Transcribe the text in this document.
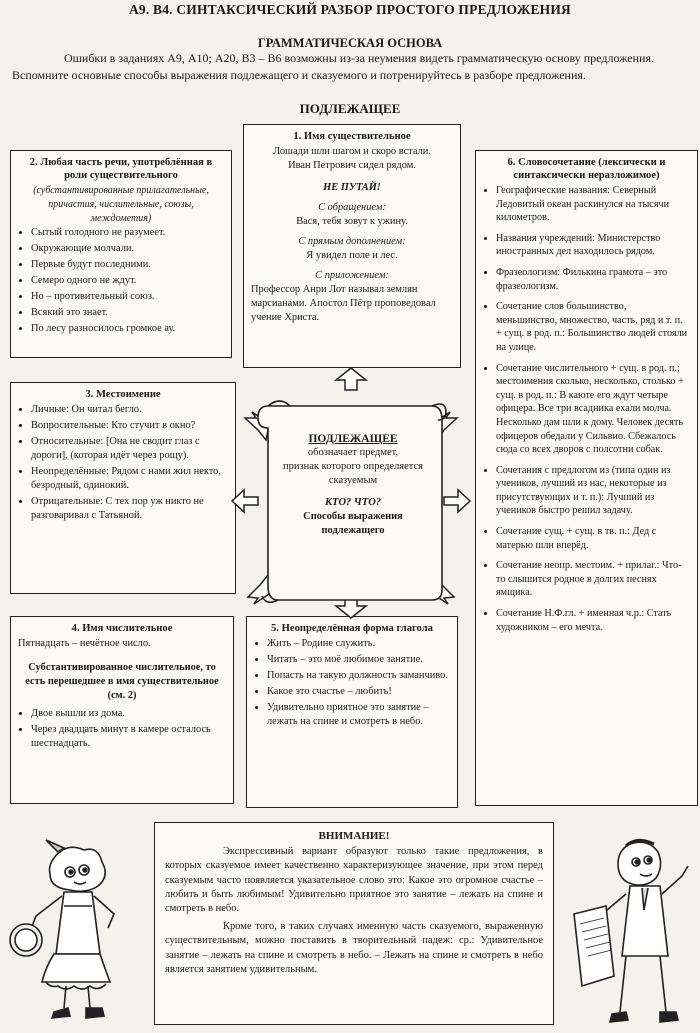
А9. В4. СИНТАКСИЧЕСКИЙ РАЗБОР ПРОСТОГО ПРЕДЛОЖЕНИЯ
ГРАММАТИЧЕСКАЯ ОСНОВА

Ошибки в заданиях А9, А10; А20, В3 – В6 возможны из-за неумения видеть грамматическую основу предложения. Вспомните основные способы выражения подлежащего и сказуемого и потренируйтесь в разборе предложения.

ПОДЛЕЖАЩЕЕ
1. Имя существительное
Лошади шли шагом и скоро встали.
Иван Петрович сидел рядом.
НЕ ПУТАЙ!
С обращением:
Вася, тебя зовут к ужину.
С прямым дополнением:
Я увидел поле и лес.
С приложением:
Профессор Анри Лот называл землян марсианами. Апостол Пётр проповедовал учение Христа.
2. Любая часть речи, употреблённая в роли существительного
(субстантивированные прилагательные, причастия, числительные, союзы, междометия)
• Сытый голодного не разумеет.
• Окружающие молчали.
• Первые будут последними.
• Семеро одного не ждут.
• Но – противительный союз.
• Всякий это знает.
• По лесу разносилось громкое ау.
3. Местоимение
• Личные: Он читал бегло.
• Вопросительные: Кто стучит в окно?
• Относительные: [Она не сводит глаз с дороги], (которая идёт через рощу).
• Неопределённые: Рядом с нами жил некто, безродный, одинокий.
• Отрицательные: С тех пор уж никто не разговаривал с Татьяной.
4. Имя числительное
Пятнадцать – нечётное число.
Субстантивированное числительное, то есть перешедшее в имя существительное (см. 2)
• Двое вышли из дома.
• Через двадцать минут в камере осталось шестнадцать.
5. Неопределённая форма глагола
• Жить – Родине служить.
• Читать – это моё любимое занятие.
• Попасть на такую должность заманчиво.
• Какое это счастье – любить!
• Удивительно приятное это занятие – лежать на спине и смотреть в небо.
6. Словосочетание (лексически и синтаксически неразложимое)
• Географические названия: Северный Ледовитый океан раскинулся на тысячи километров.
• Названия учреждений: Министерство иностранных дел находилось рядом.
• Фразеологизм: Филькина грамота – это фразеологизм.
• Сочетание слов большинство, меньшинство, множество, часть, ряд и т. п. + сущ. в род. п.: Большинство людей стояли на улице.
• Сочетание числительного + сущ. в род. п.; местоимения сколько, несколько, столько + сущ. в род. п.: В каюте его ждут четыре офицера. Все три всадника ехали молча. Несколько дам шли к дому. Человек десять офицеров обедали у Сильвио. Сбежалось сюда со всех дворов с полсотни собак.
• Сочетания с предлогом из (типа один из учеников, лучший из нас, некоторые из присутствующих и т. п.): Лучший из учеников быстро решил задачу.
• Сочетание сущ. + сущ. в тв. п.: Дед с матерью шли вперёд.
• Сочетание неопр. местоим. + прилаг.: Что-то слышится родное в долгих песнях ямщика.
• Сочетание Н.Ф.гл. + именная ч.р.: Стать художником – его мечта.
ПОДЛЕЖАЩЕЕ
обозначает предмет,
признак которого определяется сказуемым
КТО? ЧТО?
Способы выражения подлежащего
ВНИМАНИЕ!

Экспрессивный вариант образуют только такие предложения, в которых сказуемое имеет качественно характеризующее значение, при этом перед сказуемым часто появляется указательное слово это: Какое это огромное счастье – любить и быть любимым! Удивительно приятное это занятие – лежать на спине и смотреть в небо.

Кроме того, в таких случаях именную часть сказуемого, выраженную существительным, можно поставить в творительный падеж: ср.: Удивительное занятие – лежать на спине и смотреть в небо. – Лежать на спине и смотреть в небо является занятием удивительным.
